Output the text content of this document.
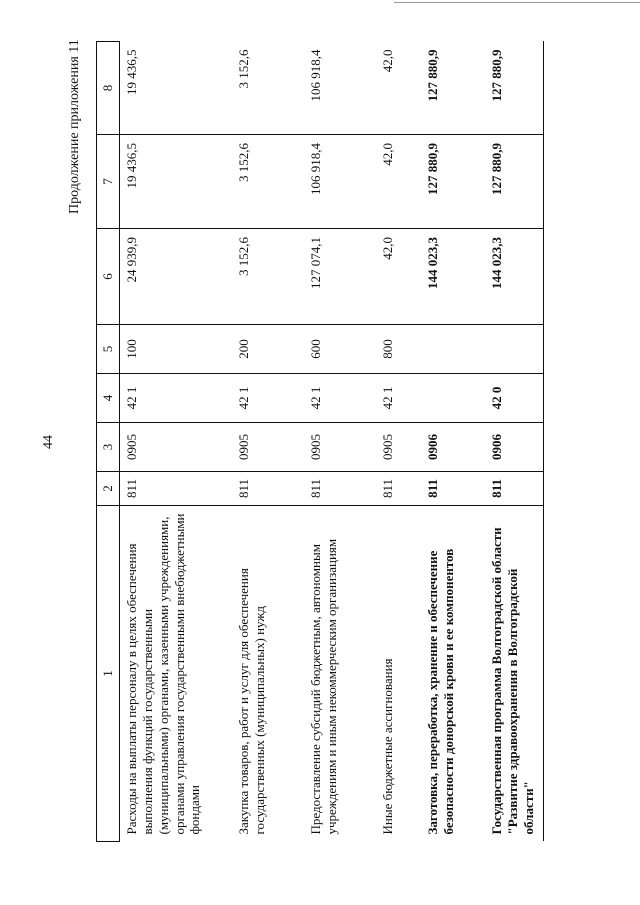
44
Продолжение приложения 11
1	2	3	4	5	6	7	8
Расходы на выплаты персоналу в целях обеспечения выполнения функций государственными (муниципальными) органами, казенными учреждениями, органами управления государственными внебюджетными фондами	811	0905	42 1	100	24 939,9	19 436,5	19 436,5
Закупка товаров, работ и услуг для обеспечения государственных (муниципальных) нужд	811	0905	42 1	200	3 152,6	3 152,6	3 152,6
Предоставление субсидий бюджетным, автономным учреждениям и иным некоммерческим организациям	811	0905	42 1	600	127 074,1	106 918,4	106 918,4
Иные бюджетные ассигнования	811	0905	42 1	800	42,0	42,0	42,0
Заготовка, переработка, хранение и обеспечение безопасности донорской крови и ее компонентов	811	0906			144 023,3	127 880,9	127 880,9
Государственная программа Волгоградской области "Развитие здравоохранения в Волгоградской области"	811	0906	42 0		144 023,3	127 880,9	127 880,9
